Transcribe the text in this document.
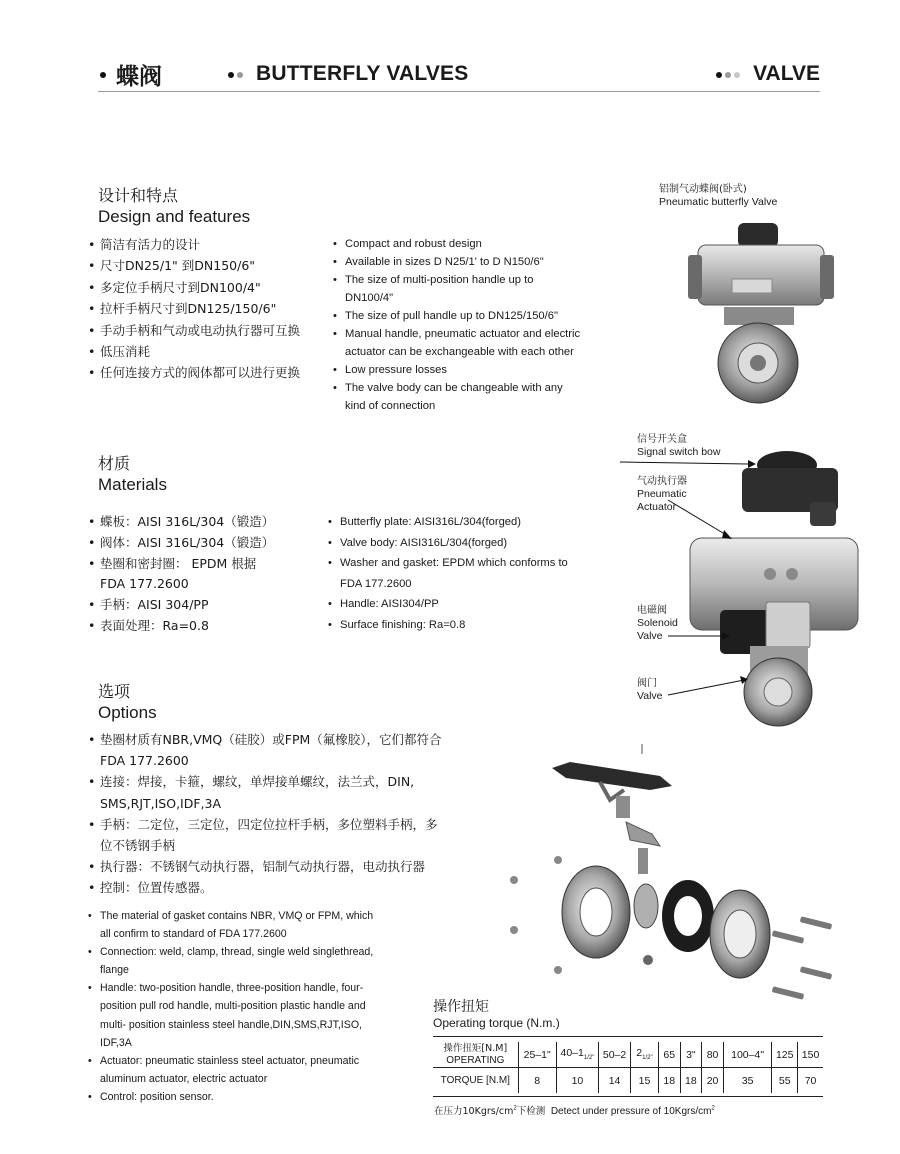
蝶阀	BUTTERFLY VALVES	VALVE
设计和特点
Design and features
• 简洁有活力的设计
• 尺寸DN25/1" 到DN150/6"
• 多定位手柄尺寸到DN100/4"
• 拉杆手柄尺寸到DN125/150/6"
• 手动手柄和气动或电动执行器可互换
• 低压消耗
• 任何连接方式的阀体都可以进行更换
• Compact and robust design
• Available in sizes D N25/1' to D N150/6"
• The size of multi-position handle up to DN100/4"
• The size of pull handle up to DN125/150/6"
• Manual handle, pneumatic actuator and electric actuator can be exchangeable with each other
• Low pressure losses
• The valve body can be changeable with any kind of connection
材质
Materials
• 蝶板：AISI 316L/304（锻造）
• 阀体：AISI 316L/304（锻造）
• 垫圈和密封圈： EPDM 根据 FDA 177.2600
• 手柄：AISI 304/PP
• 表面处理：Ra=0.8
• Butterfly plate: AISI316L/304(forged)
• Valve body: AISI316L/304(forged)
• Washer and gasket: EPDM which conforms to FDA 177.2600
• Handle: AISI304/PP
• Surface finishing: Ra=0.8
选项
Options
• 垫圈材质有NBR,VMQ（硅胶）或FPM（氟橡胶），它们都符合FDA 177.2600
• 连接：焊接，卡箍，螺纹，单焊接单螺纹，法兰式，DIN, SMS,RJT,ISO,IDF,3A
• 手柄：二定位，三定位，四定位拉杆手柄，多位塑料手柄，多位不锈钢手柄
• 执行器：不锈钢气动执行器，铝制气动执行器，电动执行器
• 控制：位置传感器。
• The material of gasket contains NBR, VMQ or FPM, which all confirm to standard of FDA 177.2600
• Connection: weld, clamp, thread, single weld singlethread, flange
• Handle: two-position handle, three-position handle, four-position pull rod handle, multi-position plastic handle and multi- position stainless steel handle,DIN,SMS,RJT,ISO, IDF,3A
• Actuator: pneumatic stainless steel actuator, pneumatic aluminum actuator, electric actuator
• Control: position sensor.
铝制气动蝶阀(卧式)
Pneumatic butterfly Valve
信号开关盒
Signal switch bow
气动执行器
Pneumatic Actuator
电磁阀
Solenoid Valve
阀门
Valve
操作扭矩
Operating torque (N.m.)
操作扭矩[N.M]
OPERATING	25–1"	$40-1_{1/2"}$	50–2	$2_{1/2"}$	65	3"	80	100–4"	125	150
TORQUE [N.M]	8	10	14	15	18	18	20	35	55	70
在压力$10Kgrs/cm^2$下检测 Detect under pressure of $10Kgrs/cm^2$
